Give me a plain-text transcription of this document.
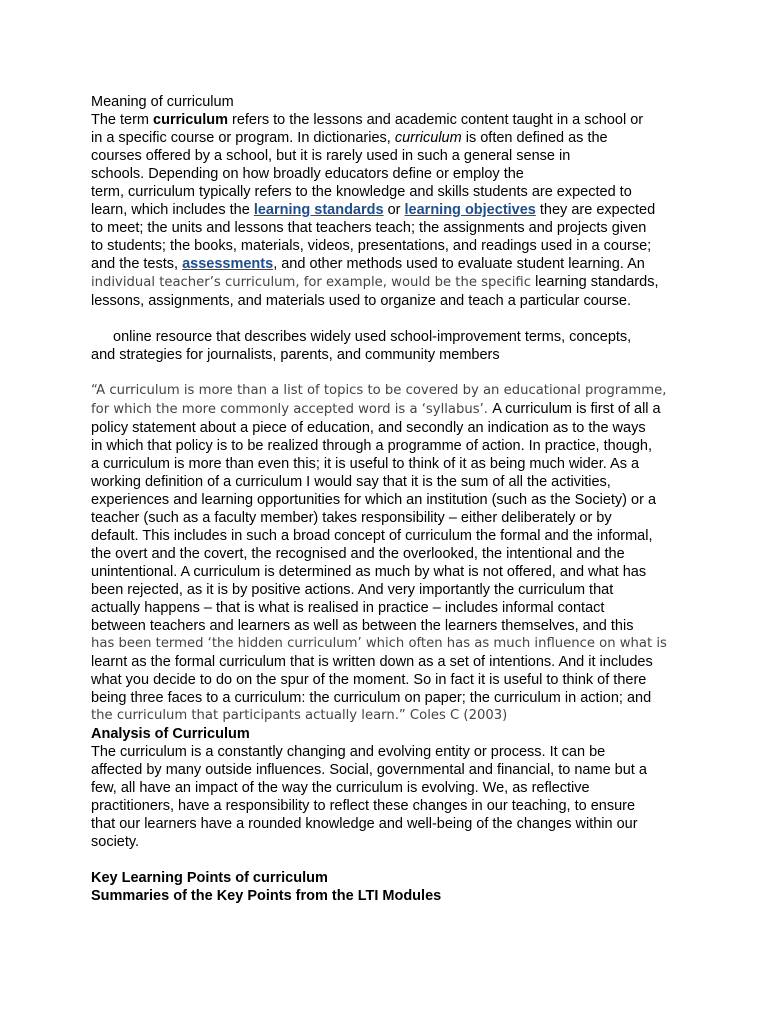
Meaning of curriculum

The term curriculum refers to the lessons and academic content taught in a school or

in a specific course or program. In dictionaries, curriculum is often defined as the

courses offered by a school, but it is rarely used in such a general sense in

schools. Depending on how broadly educators define or employ the

term, curriculum typically refers to the knowledge and skills students are expected to

learn, which includes the learning standards or learning objectives they are expected

to meet; the units and lessons that teachers teach; the assignments and projects given

to students; the books, materials, videos, presentations, and readings used in a course;

and the tests, assessments, and other methods used to evaluate student learning. An

individual teacher’s curriculum, for example, would be the specific learning standards,

lessons, assignments, and materials used to organize and teach a particular course.

online resource that describes widely used school-improvement terms, concepts,

and strategies for journalists, parents, and community members

“A curriculum is more than a list of topics to be covered by an educational programme,

for which the more commonly accepted word is a ‘syllabus’. A curriculum is first of all a

policy statement about a piece of education, and secondly an indication as to the ways

in which that policy is to be realized through a programme of action. In practice, though,

a curriculum is more than even this; it is useful to think of it as being much wider. As a

working definition of a curriculum I would say that it is the sum of all the activities,

experiences and learning opportunities for which an institution (such as the Society) or a

teacher (such as a faculty member) takes responsibility – either deliberately or by

default. This includes in such a broad concept of curriculum the formal and the informal,

the overt and the covert, the recognised and the overlooked, the intentional and the

unintentional. A curriculum is determined as much by what is not offered, and what has

been rejected, as it is by positive actions. And very importantly the curriculum that

actually happens – that is what is realised in practice – includes informal contact

between teachers and learners as well as between the learners themselves, and this

has been termed ‘the hidden curriculum’ which often has as much influence on what is

learnt as the formal curriculum that is written down as a set of intentions. And it includes

what you decide to do on the spur of the moment. So in fact it is useful to think of there

being three faces to a curriculum: the curriculum on paper; the curriculum in action; and

the curriculum that participants actually learn.” Coles C (2003)

Analysis of Curriculum

The curriculum is a constantly changing and evolving entity or process. It can be

affected by many outside influences. Social, governmental and financial, to name but a

few, all have an impact of the way the curriculum is evolving. We, as reflective

practitioners, have a responsibility to reflect these changes in our teaching, to ensure

that our learners have a rounded knowledge and well-being of the changes within our

society.

Key Learning Points of curriculum

Summaries of the Key Points from the LTI Modules
